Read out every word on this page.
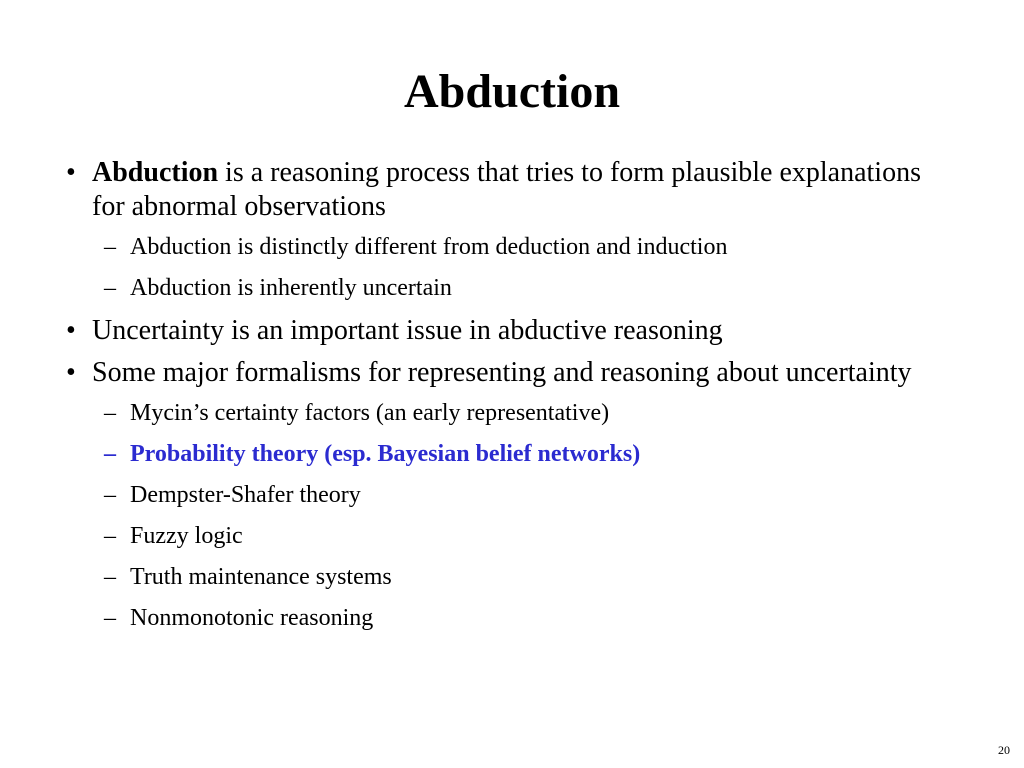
Abduction
• Abduction is a reasoning process that tries to form plausible explanations for abnormal observations
– Abduction is distinctly different from deduction and induction
– Abduction is inherently uncertain
• Uncertainty is an important issue in abductive reasoning
• Some major formalisms for representing and reasoning about uncertainty
– Mycin’s certainty factors (an early representative)
– Probability theory (esp. Bayesian belief networks)
– Dempster-Shafer theory
– Fuzzy logic
– Truth maintenance systems
– Nonmonotonic reasoning
20
